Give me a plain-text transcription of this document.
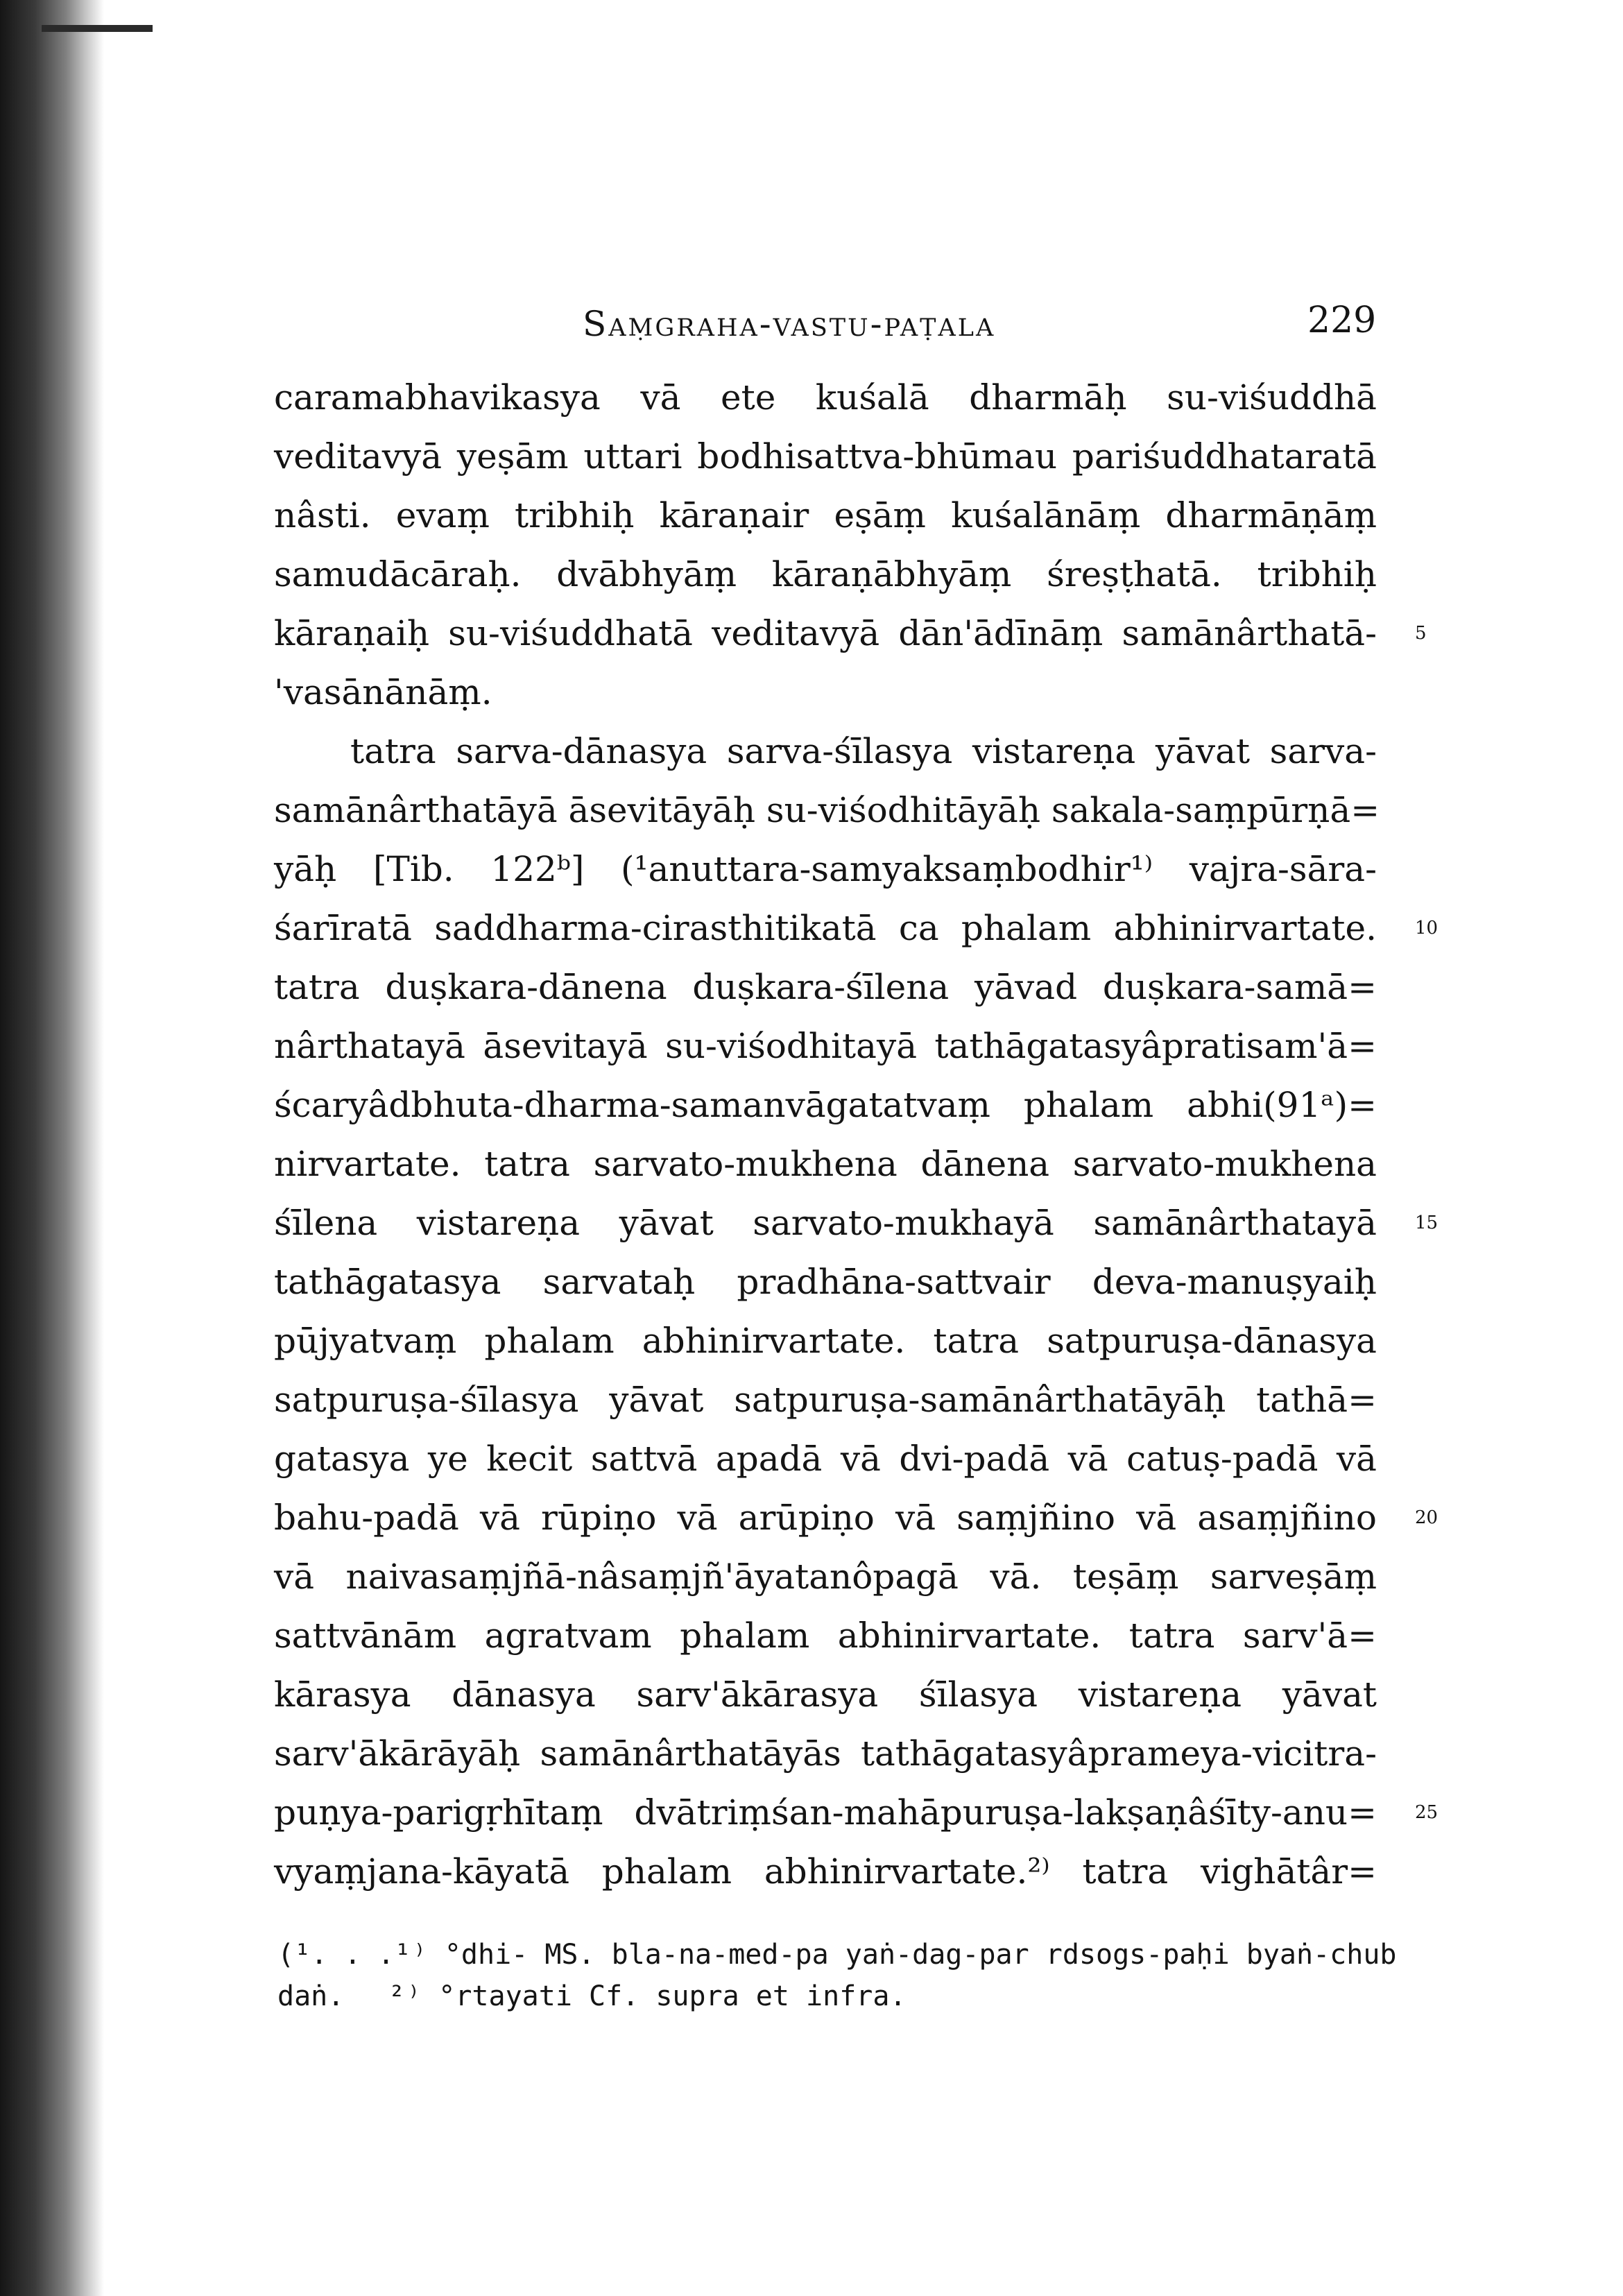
Saṃgraha-vastu-paṭala	229
caramabhavikasya vā ete kuśalā dharmāḥ su-viśuddhā
veditavyā yeṣām uttari bodhisattva-bhūmau pariśuddhataratā
nâsti. evaṃ tribhiḥ kāraṇair eṣāṃ kuśalānāṃ dharmāṇāṃ
samudācāraḥ. dvābhyāṃ kāraṇābhyāṃ śreṣṭhatā. tribhiḥ
kāraṇaiḥ su-viśuddhatā veditavyā dān'ādīnāṃ samānârthatā-
'vasānānāṃ.
tatra sarva-dānasya sarva-śīlasya vistareṇa yāvat sarva-
samānârthatāyā āsevitāyāḥ su-viśodhitāyāḥ sakala-saṃpūrṇā=
yāḥ [Tib. 122ᵇ] (¹anuttara-samyaksaṃbodhir¹⁾ vajra-sāra-
śarīratā saddharma-cirasthitikatā ca phalam abhinirvartate.
tatra duṣkara-dānena duṣkara-śīlena yāvad duṣkara-samā=
nârthatayā āsevitayā su-viśodhitayā tathāgatasyâpratisam'ā=
ścaryâdbhuta-dharma-samanvāgatatvaṃ phalam abhi(91ᵃ)=
nirvartate. tatra sarvato-mukhena dānena sarvato-mukhena
śīlena vistareṇa yāvat sarvato-mukhayā samānârthatayā
tathāgatasya sarvataḥ pradhāna-sattvair deva-manuṣyaiḥ
pūjyatvaṃ phalam abhinirvartate. tatra satpuruṣa-dānasya
satpuruṣa-śīlasya yāvat satpuruṣa-samānârthatāyāḥ tathā=
gatasya ye kecit sattvā apadā vā dvi-padā vā catuṣ-padā vā
bahu-padā vā rūpiṇo vā arūpiṇo vā saṃjñino vā asaṃjñino
vā naivasaṃjñā-nâsaṃjñ'āyatanôpagā vā. teṣāṃ sarveṣāṃ
sattvānām agratvam phalam abhinirvartate. tatra sarv'ā=
kārasya dānasya sarv'ākārasya śīlasya vistareṇa yāvat
sarv'ākārāyāḥ samānârthatāyās tathāgatasyâprameya-vicitra-
puṇya-parigṛhītaṃ dvātriṃśan-mahāpuruṣa-lakṣaṇâśīty-anu=
vyaṃjana-kāyatā phalam abhinirvartate.²⁾ tatra vighātâr=
5
10
15
20
25
(¹. . .¹⁾ °dhi- MS. bla-na-med-pa yaṅ-dag-par rdsogs-paḥi byaṅ-chub
daṅ. ²⁾ °rtayati Cf. supra et infra.
